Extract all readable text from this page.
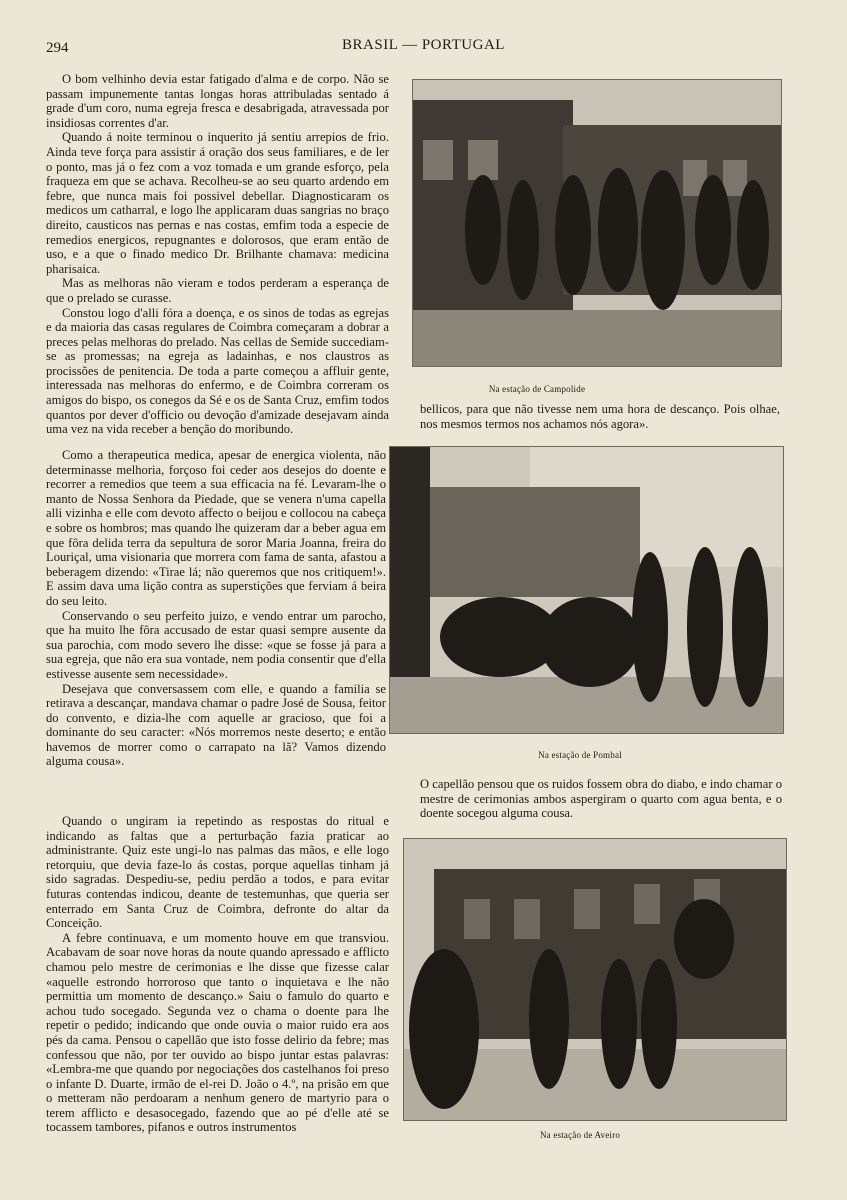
294	BRASIL — PORTUGAL

O bom velhinho devia estar fatigado d'alma e de corpo. Não se passam impunemente tantas longas horas attribuladas sentado á grade d'um coro, numa egreja fresca e desabrigada, atravessada por insidiosas correntes d'ar.

Quando á noite terminou o inquerito já sentiu arrepios de frio. Ainda teve força para assistir á oração dos seus familiares, e de ler o ponto, mas já o fez com a voz tomada e um grande esforço, pela fraqueza em que se achava. Recolheu-se ao seu quarto ardendo em febre, que nunca mais foi possivel debellar. Diagnosticaram os medicos um catharral, e logo lhe applicaram duas sangrias no braço direito, causticos nas pernas e nas costas, emfim toda a especie de remedios energicos, repugnantes e dolorosos, que eram então de uso, e a que o finado medico Dr. Brilhante chamava: medicina pharisaica.

Mas as melhoras não vieram e todos perderam a esperança de que o prelado se curasse.

Constou logo d'alli fóra a doença, e os sinos de todas as egrejas e da maioria das casas regulares de Coimbra começaram a dobrar a preces pelas melhoras do prelado. Nas cellas de Semide succediam-se as promessas; na egreja as ladainhas, e nos claustros as procissões de penitencia. De toda a parte começou a affluir gente, interessada nas melhoras do enfermo, e de Coimbra correram os amigos do bispo, os conegos da Sé e os de Santa Cruz, emfim todos quantos por dever d'officio ou devoção d'amizade desejavam ainda uma vez na vida receber a benção do moribundo.

Como a therapeutica medica, apesar de energica violenta, não determinasse melhoria, forçoso foi ceder aos desejos do doente e recorrer a remedios que teem a sua efficacia na fé. Levaram-lhe o manto de Nossa Senhora da Piedade, que se venera n'uma capella alli vizinha e elle com devoto affecto o beijou e collocou na cabeça e sobre os hombros; mas quando lhe quizeram dar a beber agua em que fôra delida terra da sepultura de soror Maria Joanna, freira do Louriçal, uma visionaria que morrera com fama de santa, afastou a beberagem dizendo: «Tirae lá; não queremos que nos critiquem!». E assim dava uma lição contra as superstições que ferviam á beira do seu leito.

Conservando o seu perfeito juizo, e vendo entrar um parocho, que ha muito lhe fôra accusado de estar quasi sempre ausente da sua parochia, com modo severo lhe disse: «que se fosse já para a sua egreja, que não era sua vontade, nem podia consentir que d'ella estivesse ausente sem necessidade».

Desejava que conversassem com elle, e quando a familia se retirava a descançar, mandava chamar o padre José de Sousa, feitor do convento, e dizia-lhe com aquelle ar gracioso, que foi a dominante do seu caracter: «Nós morremos neste deserto; e então havemos de morrer como o carrapato na lã? Vamos dizendo alguma cousa».

Quando o ungiram ia repetindo as respostas do ritual e indicando as faltas que a perturbação fazia praticar ao administrante. Quiz este ungi-lo nas palmas das mãos, e elle logo retorquiu, que devia faze-lo ás costas, porque aquellas tinham já sido sagradas. Despediu-se, pediu perdão a todos, e para evitar futuras contendas indicou, deante de testemunhas, que queria ser enterrado em Santa Cruz de Coimbra, defronte do altar da Conceição.

A febre continuava, e um momento houve em que transviou. Acabavam de soar nove horas da noute quando apressado e afflicto chamou pelo mestre de cerimonias e lhe disse que fizesse calar «aquelle estrondo horroroso que tanto o inquietava e lhe não permittia um momento de descanço.» Saiu o famulo do quarto e achou tudo socegado. Segunda vez o chama o doente para lhe repetir o pedido; indicando que onde ouvia o maior ruido era aos pés da cama. Pensou o capellão que isto fosse delirio da febre; mas confessou que não, por ter ouvido ao bispo juntar estas palavras: «Lembra-me que quando por negociações dos castelhanos foi preso o infante D. Duarte, irmão de el-rei D. João o 4.º, na prisão em que o metteram não perdoaram a nenhum genero de martyrio para o terem afflicto e desasocegado, fazendo que ao pé d'elle até se tocassem tambores, pifanos e outros instrumentos

bellicos, para que não tivesse nem uma hora de descanço. Pois olhae, nos mesmos termos nos achamos nós agora».
O capellão pensou que os ruidos fossem obra do diabo, e indo chamar o mestre de cerimonias ambos aspergiram o quarto com agua benta, e o doente socegou alguma cousa.
Na estação de Campolide
Na estação de Pombal
Na estação de Aveiro
